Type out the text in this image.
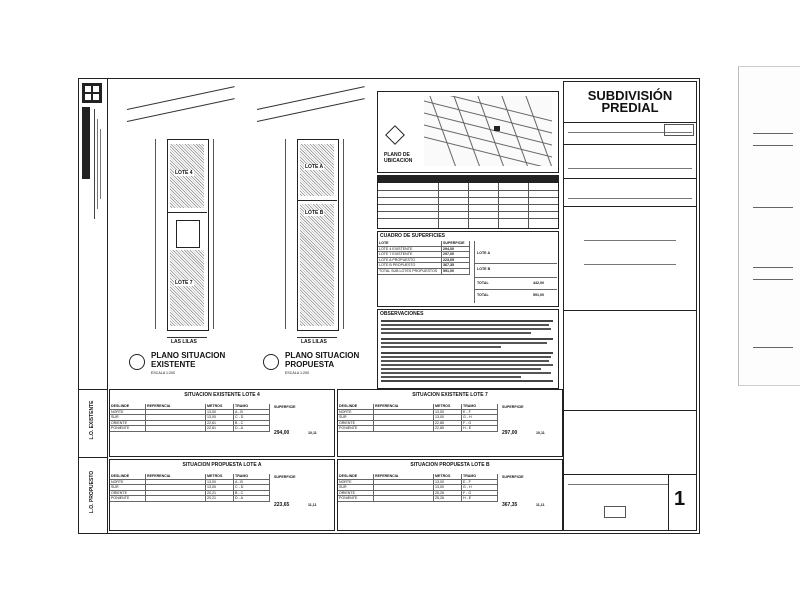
L.O. EXISTENTE
L.O. PROPUESTO
LOTE 4
LOTE 7
LAS LILAS
LOTE A
LOTE B
LAS LILAS
PLANO SITUACION
EXISTENTE
ESCALA 1:200
PLANO SITUACION
PROPUESTA
ESCALA 1:200
PLANO DE
UBICACION
CUADRO DE SUPERFICIES
LOTE	SUPERFICIE
LOTE 4 EXISTENTE	294,00
LOTE 7 EXISTENTE	297,00
LOTE A PROPUESTO	223,65
LOTE B PROPUESTO	367,35
TOTAL SUB LOTES PROPUESTOS	591,00
LOTE A
LOTE B
TOTAL	442,00
TOTAL	591,00
OBSERVACIONES
SUBDIVISIÓN
PREDIAL
1
SITUACION EXISTENTE LOTE 4
DESLINDE	REFERENCIA	METROS	TRAMO
NORTE	13,00	A - B
SUR	13,00	C - D
ORIENTE	22,61	B - C
PONIENTE	22,61	D - A
SUPERFICIE
294,00	10,11
SITUACION EXISTENTE LOTE 7
DESLINDE	REFERENCIA	METROS	TRAMO
NORTE	13,00	E - F
SUR	13,00	G - H
ORIENTE	22,85	F - G
PONIENTE	22,85	H - E
SUPERFICIE
297,00	10,11
SITUACION PROPUESTA LOTE A
DESLINDE	REFERENCIA	METROS	TRAMO
NORTE	13,00	A - B
SUR	13,00	C - D
ORIENTE	20,21	B - C
PONIENTE	20,21	D - A
SUPERFICIE
223,65	11,11
SITUACION PROPUESTA LOTE B
DESLINDE	REFERENCIA	METROS	TRAMO
NORTE	13,00	E - F
SUR	13,00	G - H
ORIENTE	25,26	F - G
PONIENTE	25,26	H - E
SUPERFICIE
367,35	11,11
